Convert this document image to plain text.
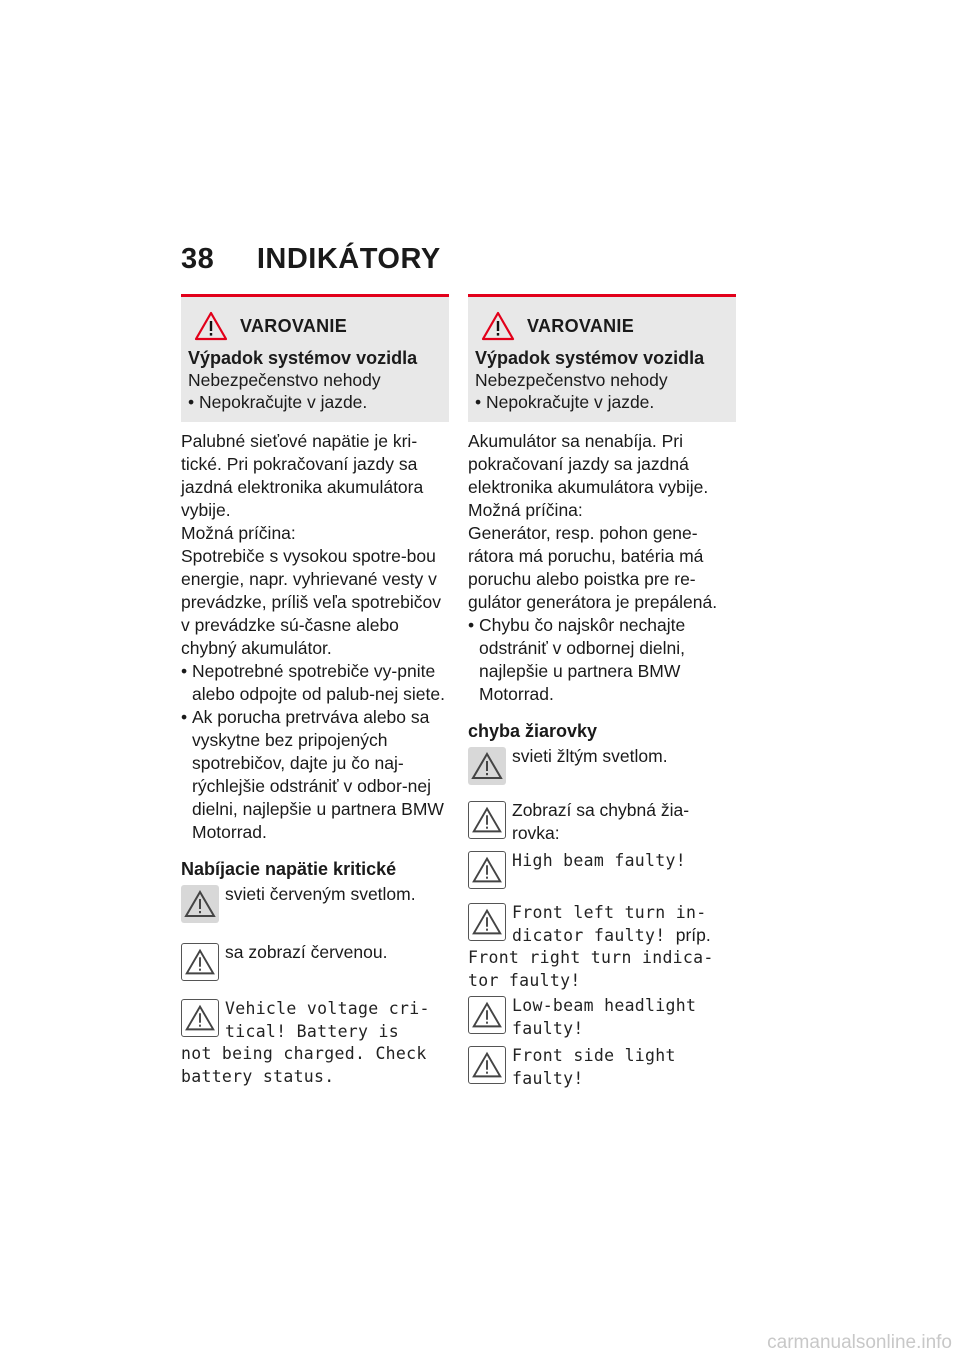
38 INDIKÁTORY
VAROVANIE
Výpadok systémov vozidla
Nebezpečenstvo nehody
• Nepokračujte v jazde.

Palubné sieťové napätie je kri-tické. Pri pokračovaní jazdy sa jazdná elektronika akumulátora vybije.

Možná príčina:

Spotrebiče s vysokou spotre-bou energie, napr. vyhrievané vesty v prevádzke, príliš veľa spotrebičov v prevádzke sú-časne alebo chybný akumulátor.

• Nepotrebné spotrebiče vy-pnite alebo odpojte od palub-nej siete.

• Ak porucha pretrváva alebo sa vyskytne bez pripojených spotrebičov, dajte ju čo naj-rýchlejšie odstrániť v odbor-nej dielni, najlepšie u partnera BMW Motorrad.

Nabíjacie napätie kritické
svieti červeným svetlom.
sa zobrazí červenou.
Vehicle voltage cri-
tical! Battery is
not being charged. Check
battery status.
VAROVANIE
Výpadok systémov vozidla
Nebezpečenstvo nehody
• Nepokračujte v jazde.

Akumulátor sa nenabíja. Pri pokračovaní jazdy sa jazdná elektronika akumulátora vybije.

Možná príčina:

Generátor, resp. pohon gene-rátora má poruchu, batéria má poruchu alebo poistka pre re-gulátor generátora je prepálená.

• Chybu čo najskôr nechajte odstrániť v odbornej dielni, najlepšie u partnera BMW Motorrad.

chyba žiarovky
svieti žltým svetlom.
Zobrazí sa chybná žia-rovka:
High beam faulty!
Front left turn in-
dicator faulty! príp.
Front right turn indica-
tor faulty!
Low-beam headlight
faulty!
Front side light
faulty!
carmanualsonline.info
